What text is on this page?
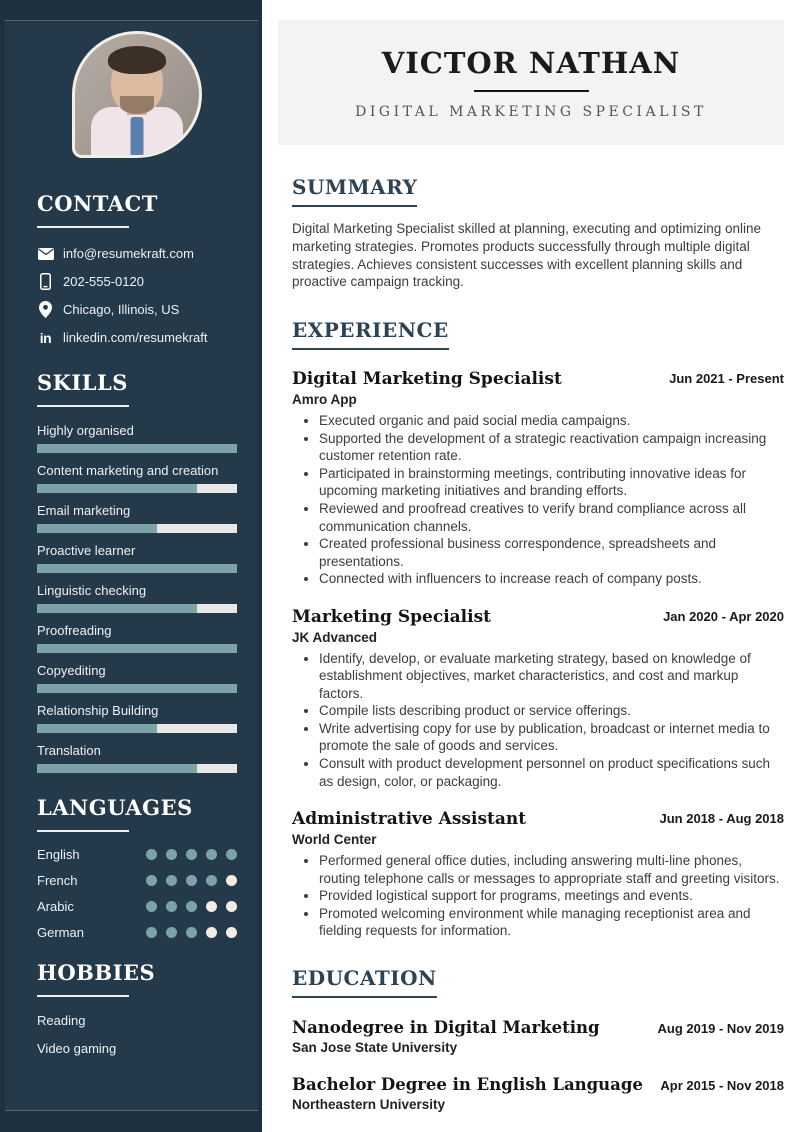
CONTACT
info@resumekraft.com
202-555-0120
Chicago, Illinois, US
in linkedin.com/resumekraft
SKILLS
Highly organised
Content marketing and creation
Email marketing
Proactive learner
Linguistic checking
Proofreading
Copyediting
Relationship Building
Translation
LANGUAGES
English
French
Arabic
German
HOBBIES
Reading
Video gaming
VICTOR NATHAN
DIGITAL MARKETING SPECIALIST
SUMMARY

Digital Marketing Specialist skilled at planning, executing and optimizing online marketing strategies. Promotes products successfully through multiple digital strategies. Achieves consistent successes with excellent planning skills and proactive campaign tracking.

EXPERIENCE
Digital Marketing Specialist	Jun 2021 - Present
Amro App
• Executed organic and paid social media campaigns.
• Supported the development of a strategic reactivation campaign increasing customer retention rate.
• Participated in brainstorming meetings, contributing innovative ideas for upcoming marketing initiatives and branding efforts.
• Reviewed and proofread creatives to verify brand compliance across all communication channels.
• Created professional business correspondence, spreadsheets and presentations.
• Connected with influencers to increase reach of company posts.
Marketing Specialist	Jan 2020 - Apr 2020
JK Advanced
• Identify, develop, or evaluate marketing strategy, based on knowledge of establishment objectives, market characteristics, and cost and markup factors.
• Compile lists describing product or service offerings.
• Write advertising copy for use by publication, broadcast or internet media to promote the sale of goods and services.
• Consult with product development personnel on product specifications such as design, color, or packaging.
Administrative Assistant	Jun 2018 - Aug 2018
World Center
• Performed general office duties, including answering multi-line phones, routing telephone calls or messages to appropriate staff and greeting visitors.
• Provided logistical support for programs, meetings and events.
• Promoted welcoming environment while managing receptionist area and fielding requests for information.
EDUCATION
Nanodegree in Digital Marketing
San Jose State University
Aug 2019 - Nov 2019
Bachelor Degree in English Language
Northeastern University
Apr 2015 - Nov 2018
